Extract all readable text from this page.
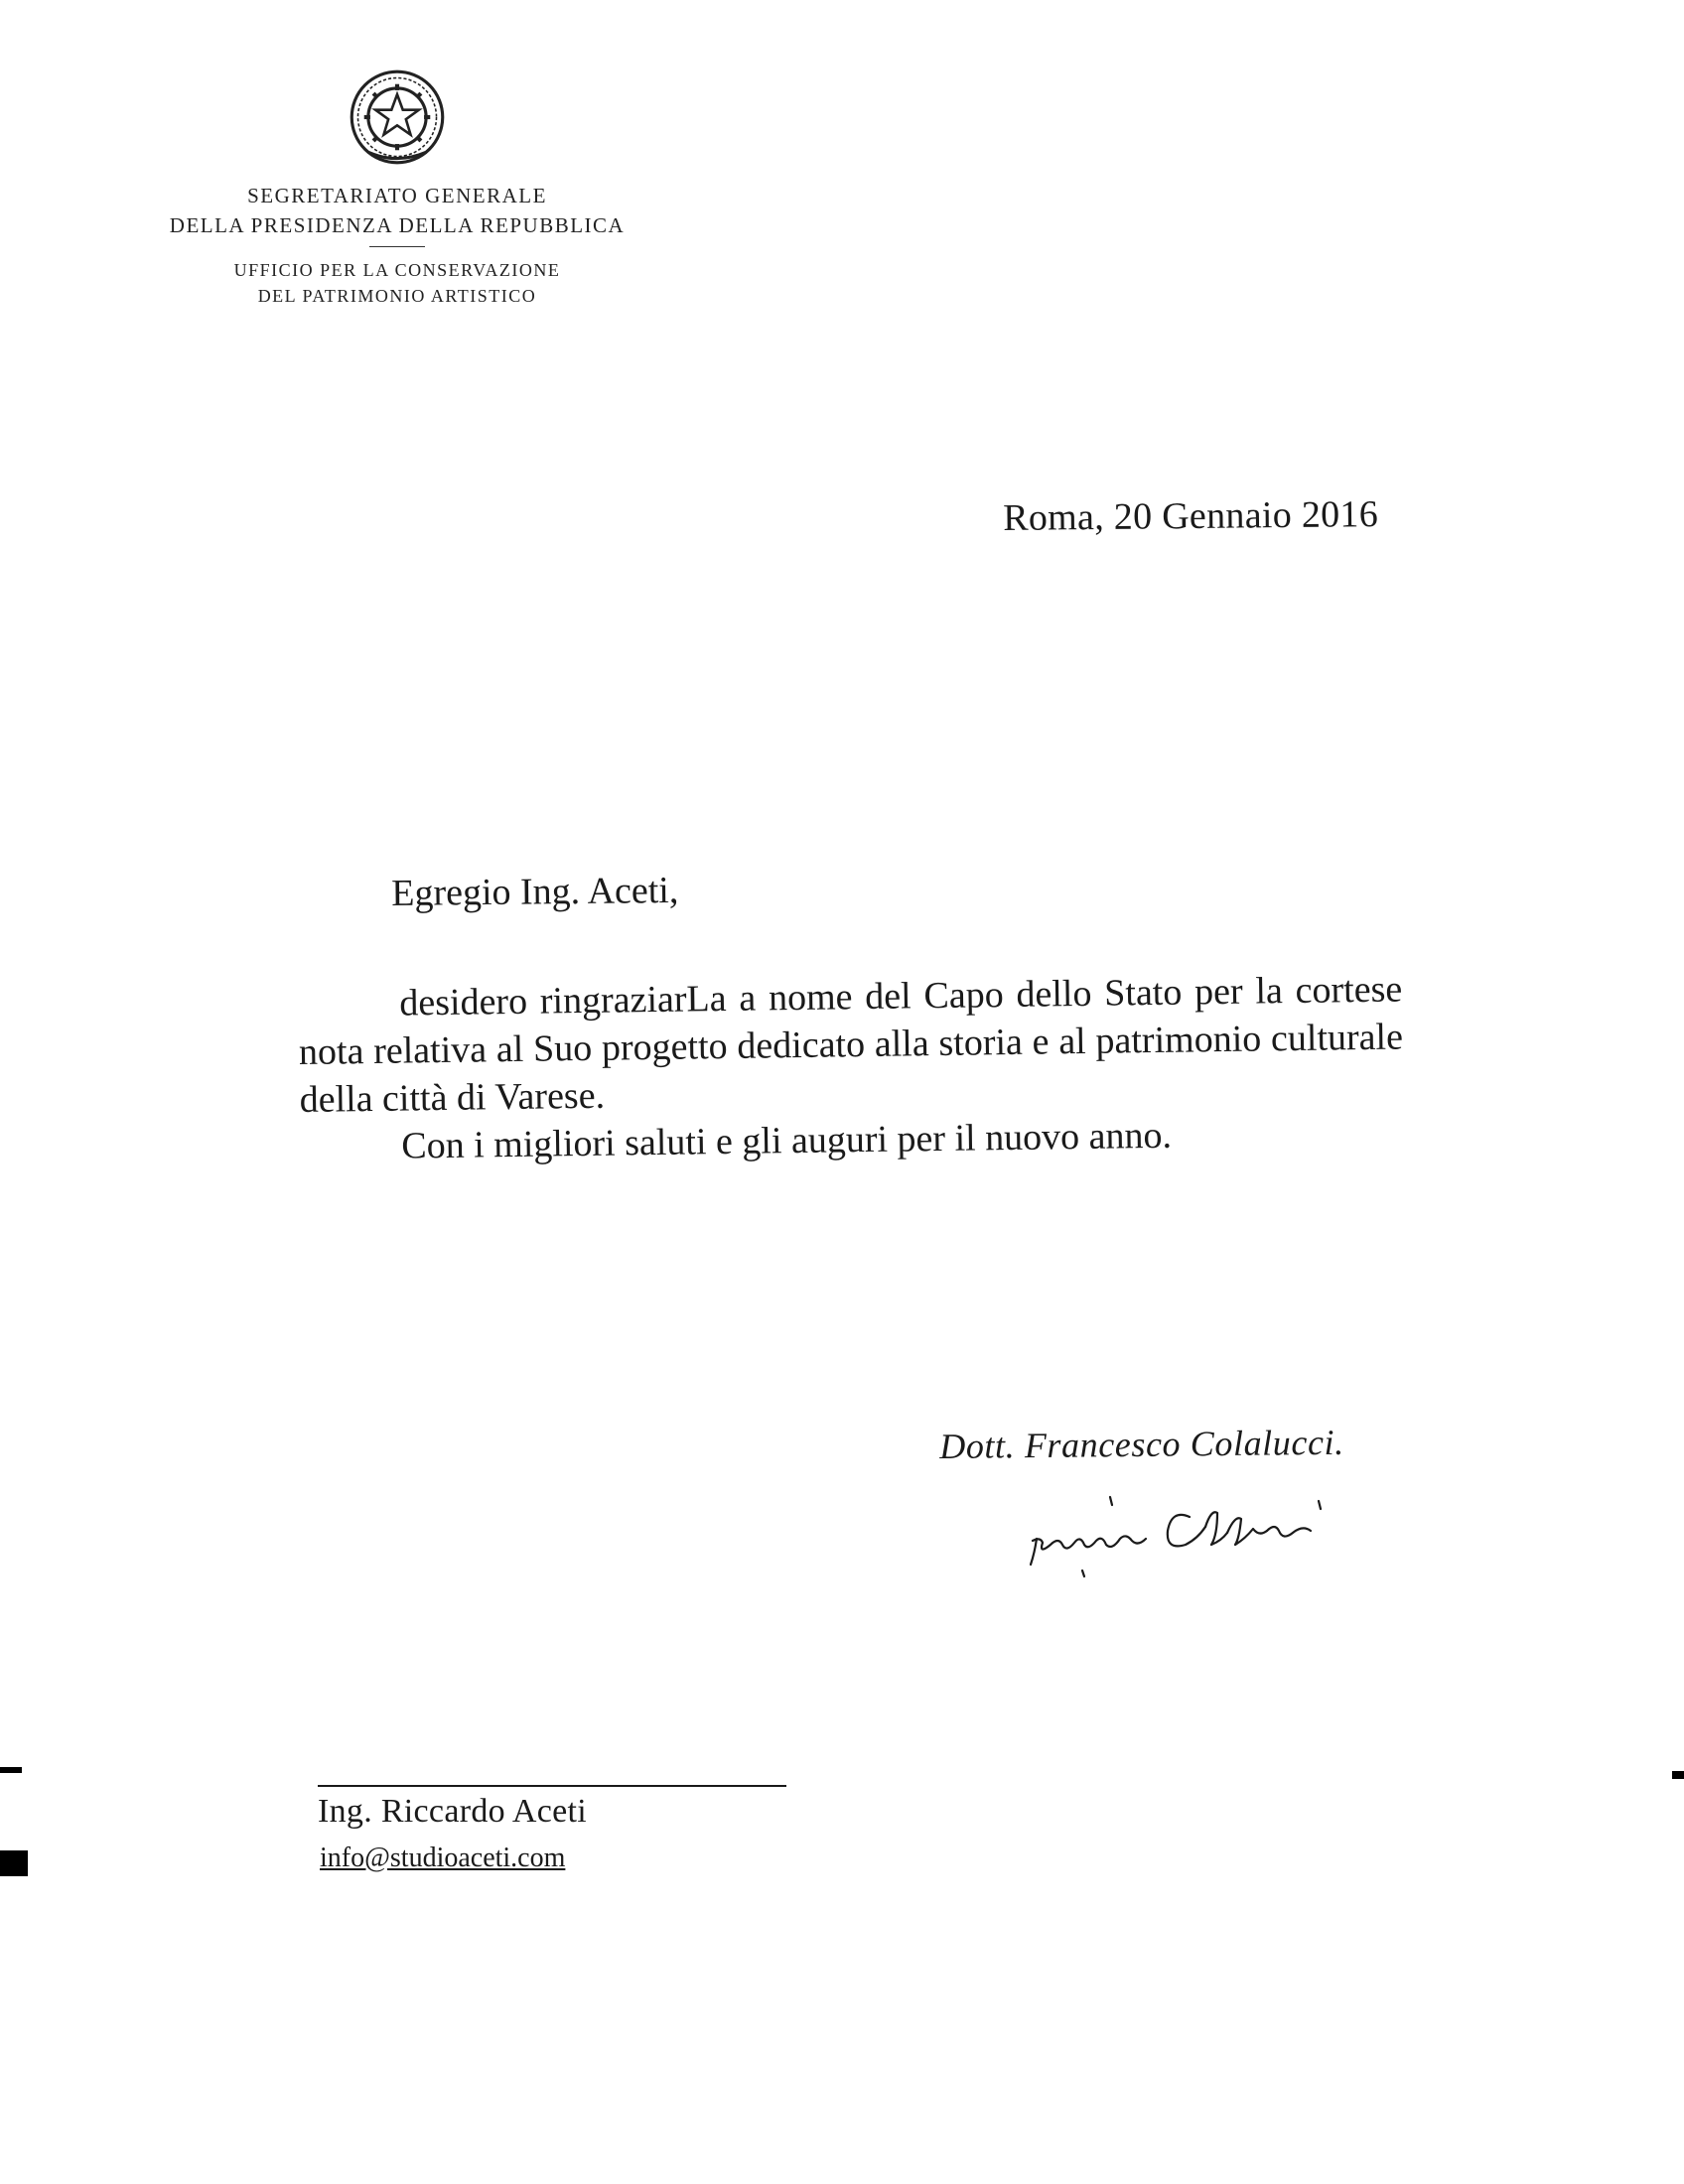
SEGRETARIATO GENERALE
DELLA PRESIDENZA DELLA REPUBBLICA
UFFICIO PER LA CONSERVAZIONE
DEL PATRIMONIO ARTISTICO
Roma, 20 Gennaio 2016
Egregio Ing. Aceti,

desidero ringraziarLa a nome del Capo dello Stato per la cortese nota relativa al Suo progetto dedicato alla storia e al patrimonio culturale della città di Varese.

Con i migliori saluti e gli auguri per il nuovo anno.

Dott. Francesco Colalucci.
Ing. Riccardo Aceti
info@studioaceti.com
